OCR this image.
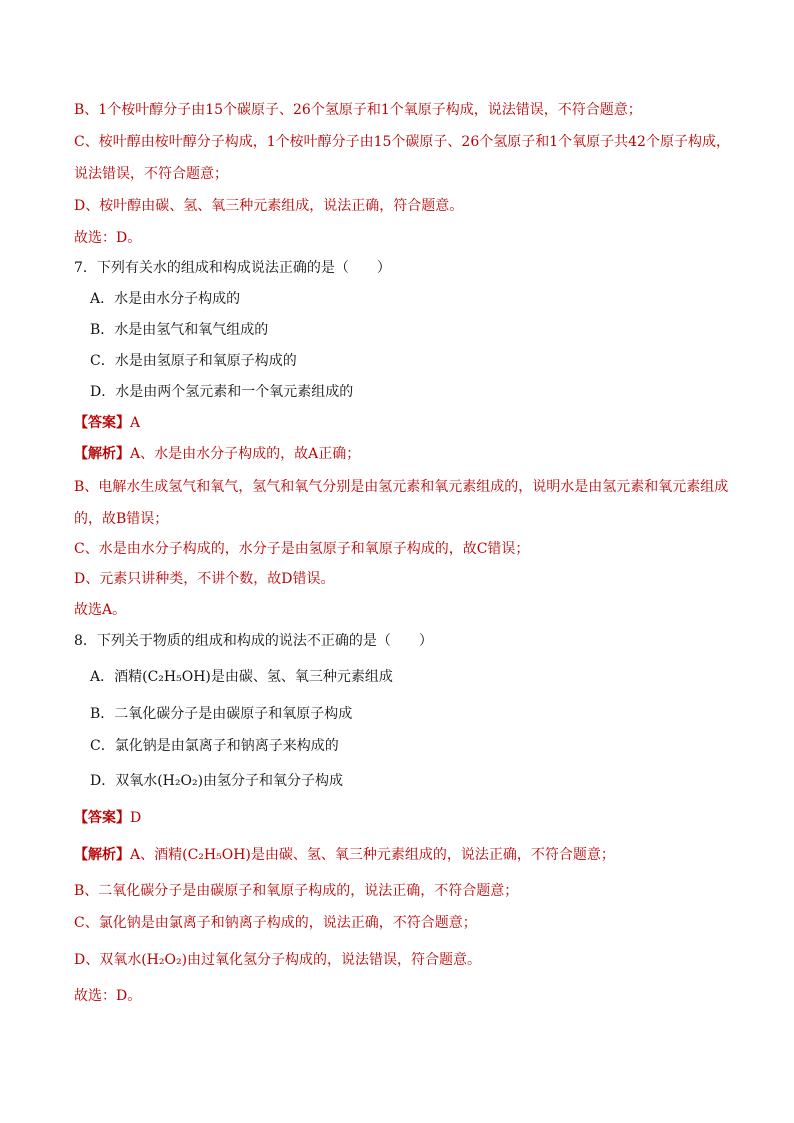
B、1个桉叶醇分子由15个碳原子、26个氢原子和1个氧原子构成，说法错误，不符合题意；
C、桉叶醇由桉叶醇分子构成，1个桉叶醇分子由15个碳原子、26个氢原子和1个氧原子共42个原子构成，
说法错误，不符合题意；
D、桉叶醇由碳、氢、氧三种元素组成，说法正确，符合题意。
故选：D。
7．下列有关水的组成和构成说法正确的是（　　）
A．水是由水分子构成的
B．水是由氢气和氧气组成的
C．水是由氢原子和氧原子构成的
D．水是由两个氢元素和一个氧元素组成的
【答案】A
【解析】A、水是由水分子构成的，故A正确；
B、电解水生成氢气和氧气，氢气和氧气分别是由氢元素和氧元素组成的，说明水是由氢元素和氧元素组成
的，故B错误；
C、水是由水分子构成的，水分子是由氢原子和氧原子构成的，故C错误；
D、元素只讲种类，不讲个数，故D错误。
故选A。
8．下列关于物质的组成和构成的说法不正确的是（　　）
A．酒精(C₂H₅OH)是由碳、氢、氧三种元素组成
B．二氧化碳分子是由碳原子和氧原子构成
C．氯化钠是由氯离子和钠离子来构成的
D．双氧水(H₂O₂)由氢分子和氧分子构成
【答案】D
【解析】A、酒精(C₂H₅OH)是由碳、氢、氧三种元素组成的，说法正确，不符合题意；
B、二氧化碳分子是由碳原子和氧原子构成的，说法正确，不符合题意；
C、氯化钠是由氯离子和钠离子构成的，说法正确，不符合题意；
D、双氧水(H₂O₂)由过氧化氢分子构成的，说法错误，符合题意。
故选：D。
